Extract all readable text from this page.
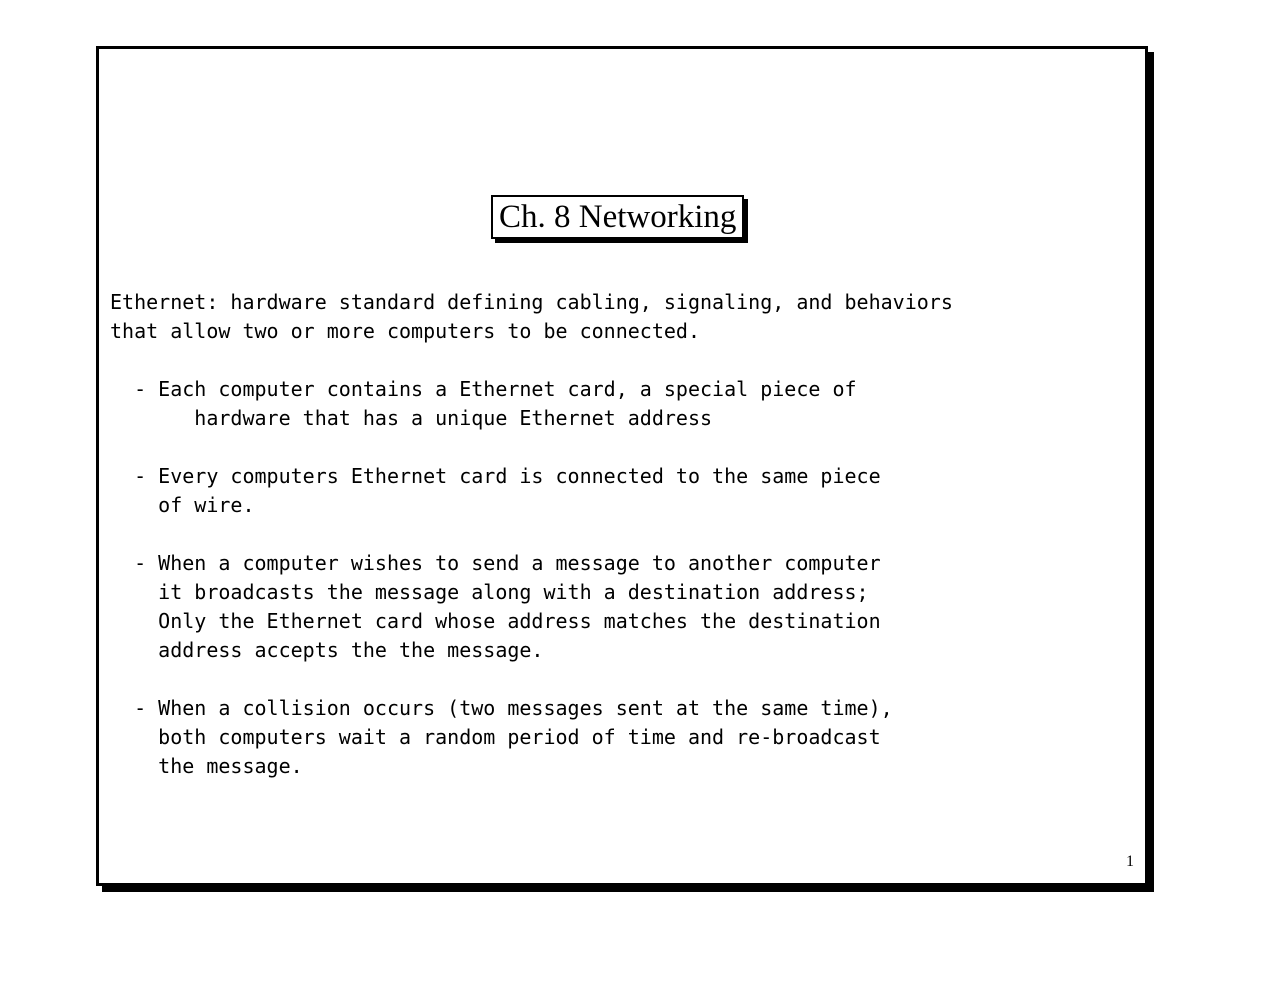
Ch. 8 Networking
Ethernet: hardware standard defining cabling, signaling, and behaviors
that allow two or more computers to be connected.

- Each computer contains a Ethernet card, a special piece of
hardware that has a unique Ethernet address

- Every computers Ethernet card is connected to the same piece
of wire.

- When a computer wishes to send a message to another computer
it broadcasts the message along with a destination address;
Only the Ethernet card whose address matches the destination
address accepts the the message.

- When a collision occurs (two messages sent at the same time),
both computers wait a random period of time and re-broadcast
the message.
1
